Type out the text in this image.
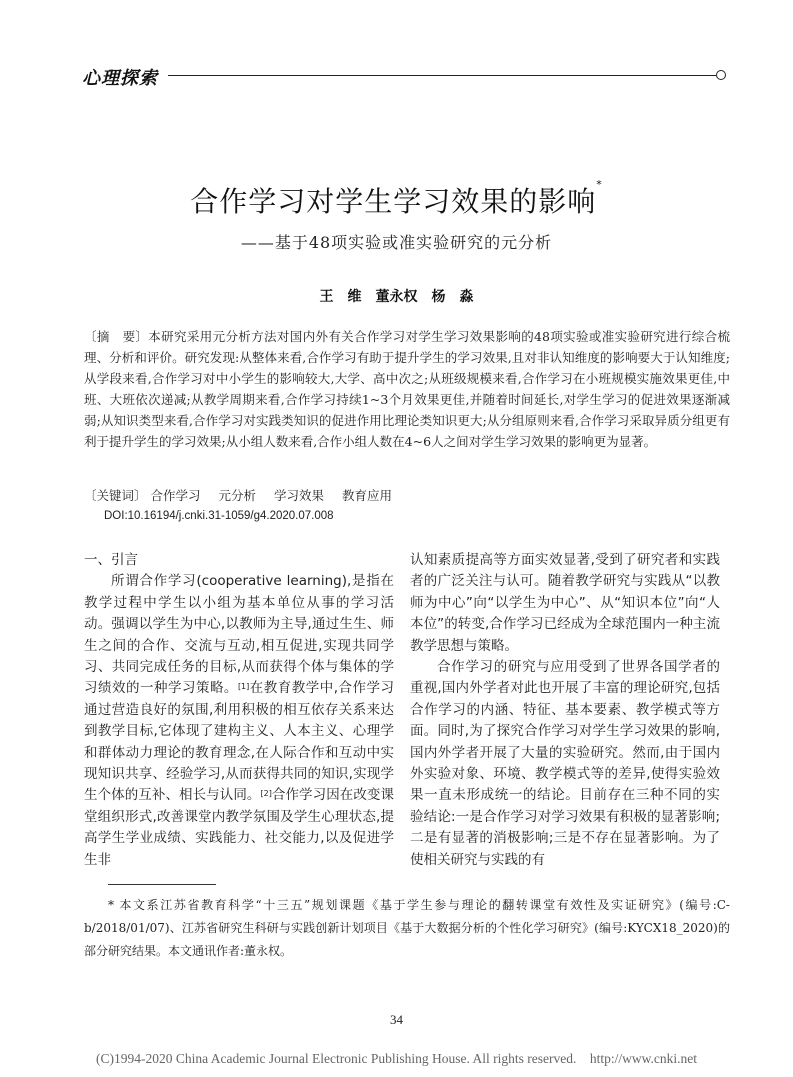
心理探索
合作学习对学生学习效果的影响*
——基于48项实验或准实验研究的元分析
王　维　董永权　杨　淼
〔摘　要〕本研究采用元分析方法对国内外有关合作学习对学生学习效果影响的48项实验或准实验研究进行综合梳理、分析和评价。研究发现:从整体来看,合作学习有助于提升学生的学习效果,且对非认知维度的影响要大于认知维度;从学段来看,合作学习对中小学生的影响较大,大学、高中次之;从班级规模来看,合作学习在小班规模实施效果更佳,中班、大班依次递减;从教学周期来看,合作学习持续1~3个月效果更佳,并随着时间延长,对学生学习的促进效果逐渐减弱;从知识类型来看,合作学习对实践类知识的促进作用比理论类知识更大;从分组原则来看,合作学习采取异质分组更有利于提升学生的学习效果;从小组人数来看,合作小组人数在4~6人之间对学生学习效果的影响更为显著。
〔关键词〕 合作学习 元分析 学习效果 教育应用
DOI:10.16194/j.cnki.31-1059/g4.2020.07.008
一、引言

所谓合作学习(cooperative learning),是指在教学过程中学生以小组为基本单位从事的学习活动。强调以学生为中心,以教师为主导,通过生生、师生之间的合作、交流与互动,相互促进,实现共同学习、共同完成任务的目标,从而获得个体与集体的学习绩效的一种学习策略。[1]在教育教学中,合作学习通过营造良好的氛围,利用积极的相互依存关系来达到教学目标,它体现了建构主义、人本主义、心理学和群体动力理论的教育理念,在人际合作和互动中实现知识共享、经验学习,从而获得共同的知识,实现学生个体的互补、相长与认同。[2]合作学习因在改变课堂组织形式,改善课堂内教学氛围及学生心理状态,提高学生学业成绩、实践能力、社交能力,以及促进学生非

认知素质提高等方面实效显著,受到了研究者和实践者的广泛关注与认可。随着教学研究与实践从“以教师为中心”向“以学生为中心”、从“知识本位”向“人本位”的转变,合作学习已经成为全球范围内一种主流教学思想与策略。

合作学习的研究与应用受到了世界各国学者的重视,国内外学者对此也开展了丰富的理论研究,包括合作学习的内涵、特征、基本要素、教学模式等方面。同时,为了探究合作学习对学生学习效果的影响,国内外学者开展了大量的实验研究。然而,由于国内外实验对象、环境、教学模式等的差异,使得实验效果一直未形成统一的结论。目前存在三种不同的实验结论:一是合作学习对学习效果有积极的显著影响;二是有显著的消极影响;三是不存在显著影响。为了使相关研究与实践的有

* 本文系江苏省教育科学“十三五”规划课题《基于学生参与理论的翻转课堂有效性及实证研究》(编号:C-b/2018/01/07)、江苏省研究生科研与实践创新计划项目《基于大数据分析的个性化学习研究》(编号:KYCX18_2020)的部分研究结果。本文通讯作者:董永权。
34
(C)1994-2020 China Academic Journal Electronic Publishing House. All rights reserved.　http://www.cnki.net
